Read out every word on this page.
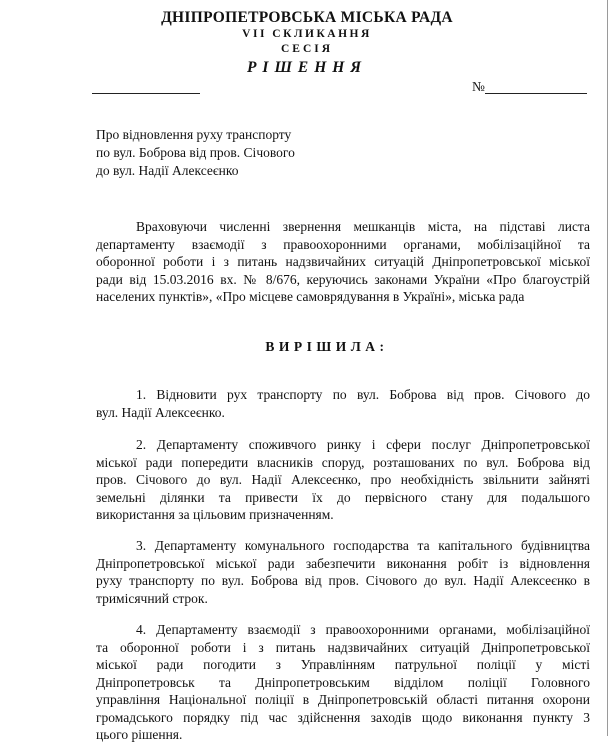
ДНІПРОПЕТРОВСЬКА МІСЬКА РАДА
VІІ СКЛИКАННЯ
СЕСІЯ
РІШЕННЯ
№
Про відновлення руху транспорту
по вул. Боброва від пров. Січового
до вул. Надії Алексеєнко
Враховуючи численні звернення мешканців міста, на підставі листа
департаменту взаємодії з правоохоронними органами, мобілізаційної та
оборонної роботи і з питань надзвичайних ситуацій Дніпропетровської міської
ради від 15.03.2016 вх. № 8/676, керуючись законами України «Про благоустрій
населених пунктів», «Про місцеве самоврядування в Україні», міська рада
ВИРІШИЛА:
1. Відновити рух транспорту по вул. Боброва від пров. Січового до
вул. Надії Алексеєнко.
2. Департаменту споживчого ринку і сфери послуг Дніпропетровської
міської ради попередити власників споруд, розташованих по вул. Боброва від
пров. Січового до вул. Надії Алексеєнко, про необхідність звільнити зайняті
земельні ділянки та привести їх до первісного стану для подальшого
використання за цільовим призначенням.
3. Департаменту комунального господарства та капітального будівництва
Дніпропетровської міської ради забезпечити виконання робіт із відновлення
руху транспорту по вул. Боброва від пров. Січового до вул. Надії Алексеєнко в
тримісячний строк.
4. Департаменту взаємодії з правоохоронними органами, мобілізаційної
та оборонної роботи і з питань надзвичайних ситуацій Дніпропетровської
міської ради погодити з Управлінням патрульної поліції у місті
Дніпропетровськ та Дніпропетровським відділом поліції Головного
управління Національної поліції в Дніпропетровській області питання охорони
громадського порядку під час здійснення заходів щодо виконання пункту 3
цього рішення.
